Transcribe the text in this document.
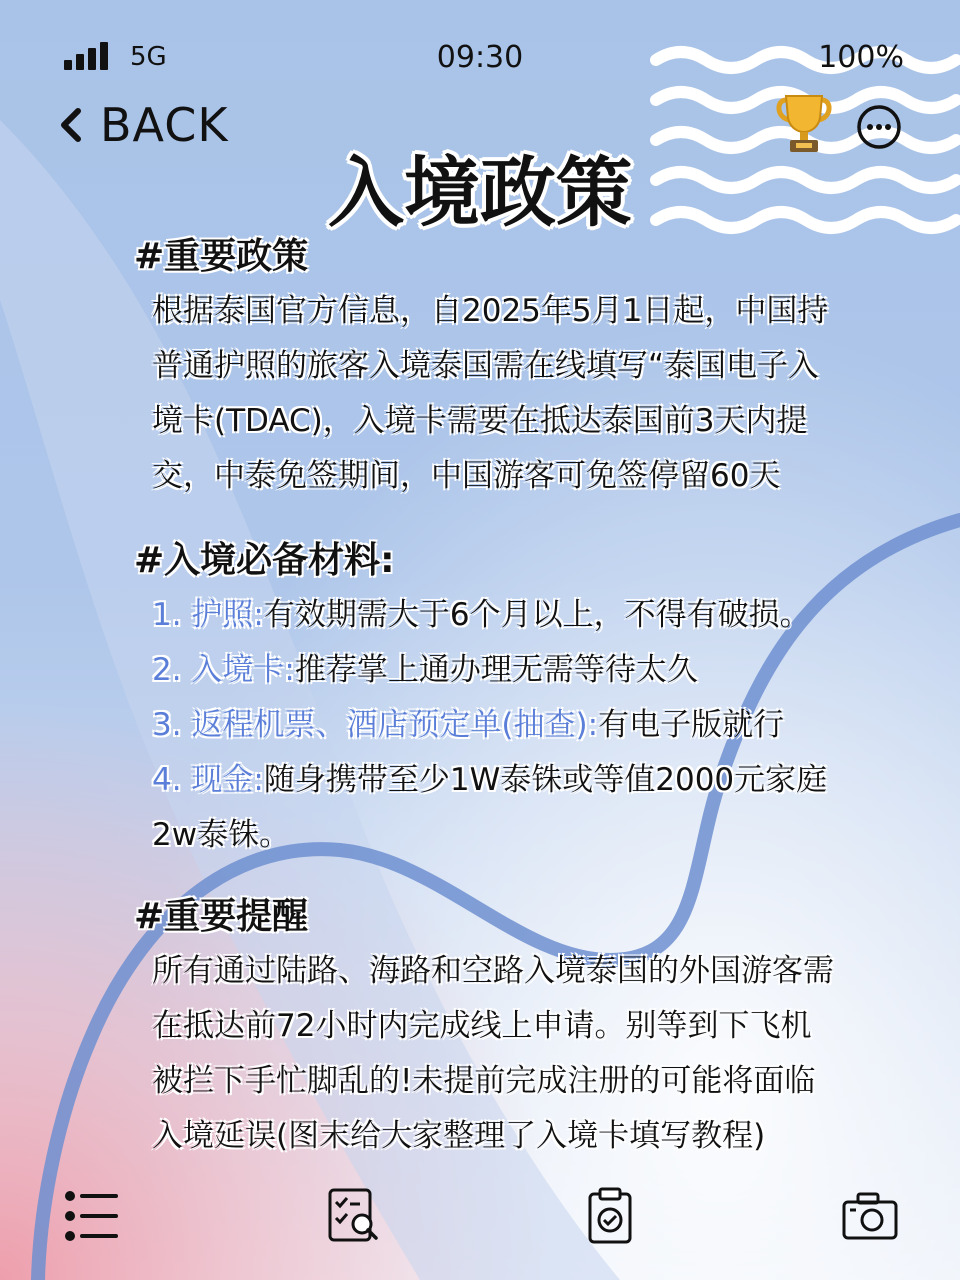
5G	09:30	100%
BACK
入境政策
#重要政策
根据泰国官方信息，自2025年5月1日起，中国持普通护照的旅客入境泰国需在线填写“泰国电子入境卡(TDAC)，入境卡需要在抵达泰国前3天内提交，中泰免签期间，中国游客可免签停留60天
#入境必备材料:
1. 护照:有效期需大于6个月以上，不得有破损。
2. 入境卡:推荐掌上通办理无需等待太久
3. 返程机票、酒店预定单(抽查):有电子版就行
4. 现金:随身携带至少1W泰铢或等值2000元家庭2w泰铢。
#重要提醒
所有通过陆路、海路和空路入境泰国的外国游客需在抵达前72小时内完成线上申请。别等到下飞机被拦下手忙脚乱的!未提前完成注册的可能将面临入境延误(图末给大家整理了入境卡填写教程)
